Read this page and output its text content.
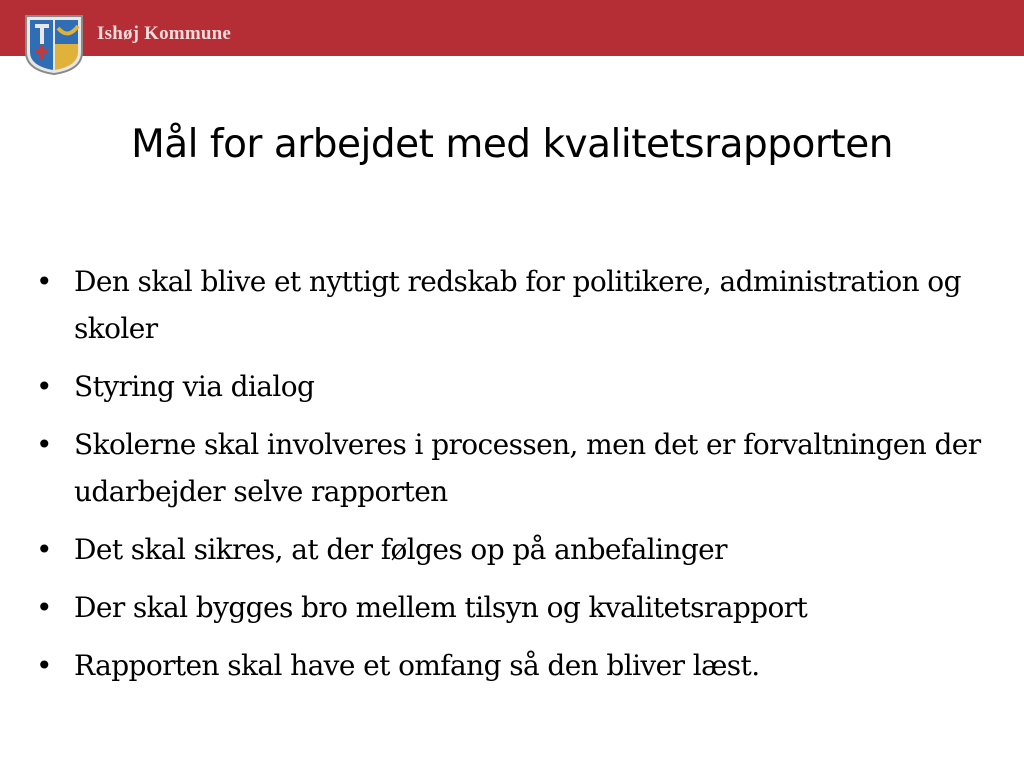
Ishøj Kommune
Mål for arbejdet med kvalitetsrapporten
• Den skal blive et nyttigt redskab for politikere, administration og skoler
• Styring via dialog
• Skolerne skal involveres i processen, men det er forvaltningen der udarbejder selve rapporten
• Det skal sikres, at der følges op på anbefalinger
• Der skal bygges bro mellem tilsyn og kvalitetsrapport
• Rapporten skal have et omfang så den bliver læst.
